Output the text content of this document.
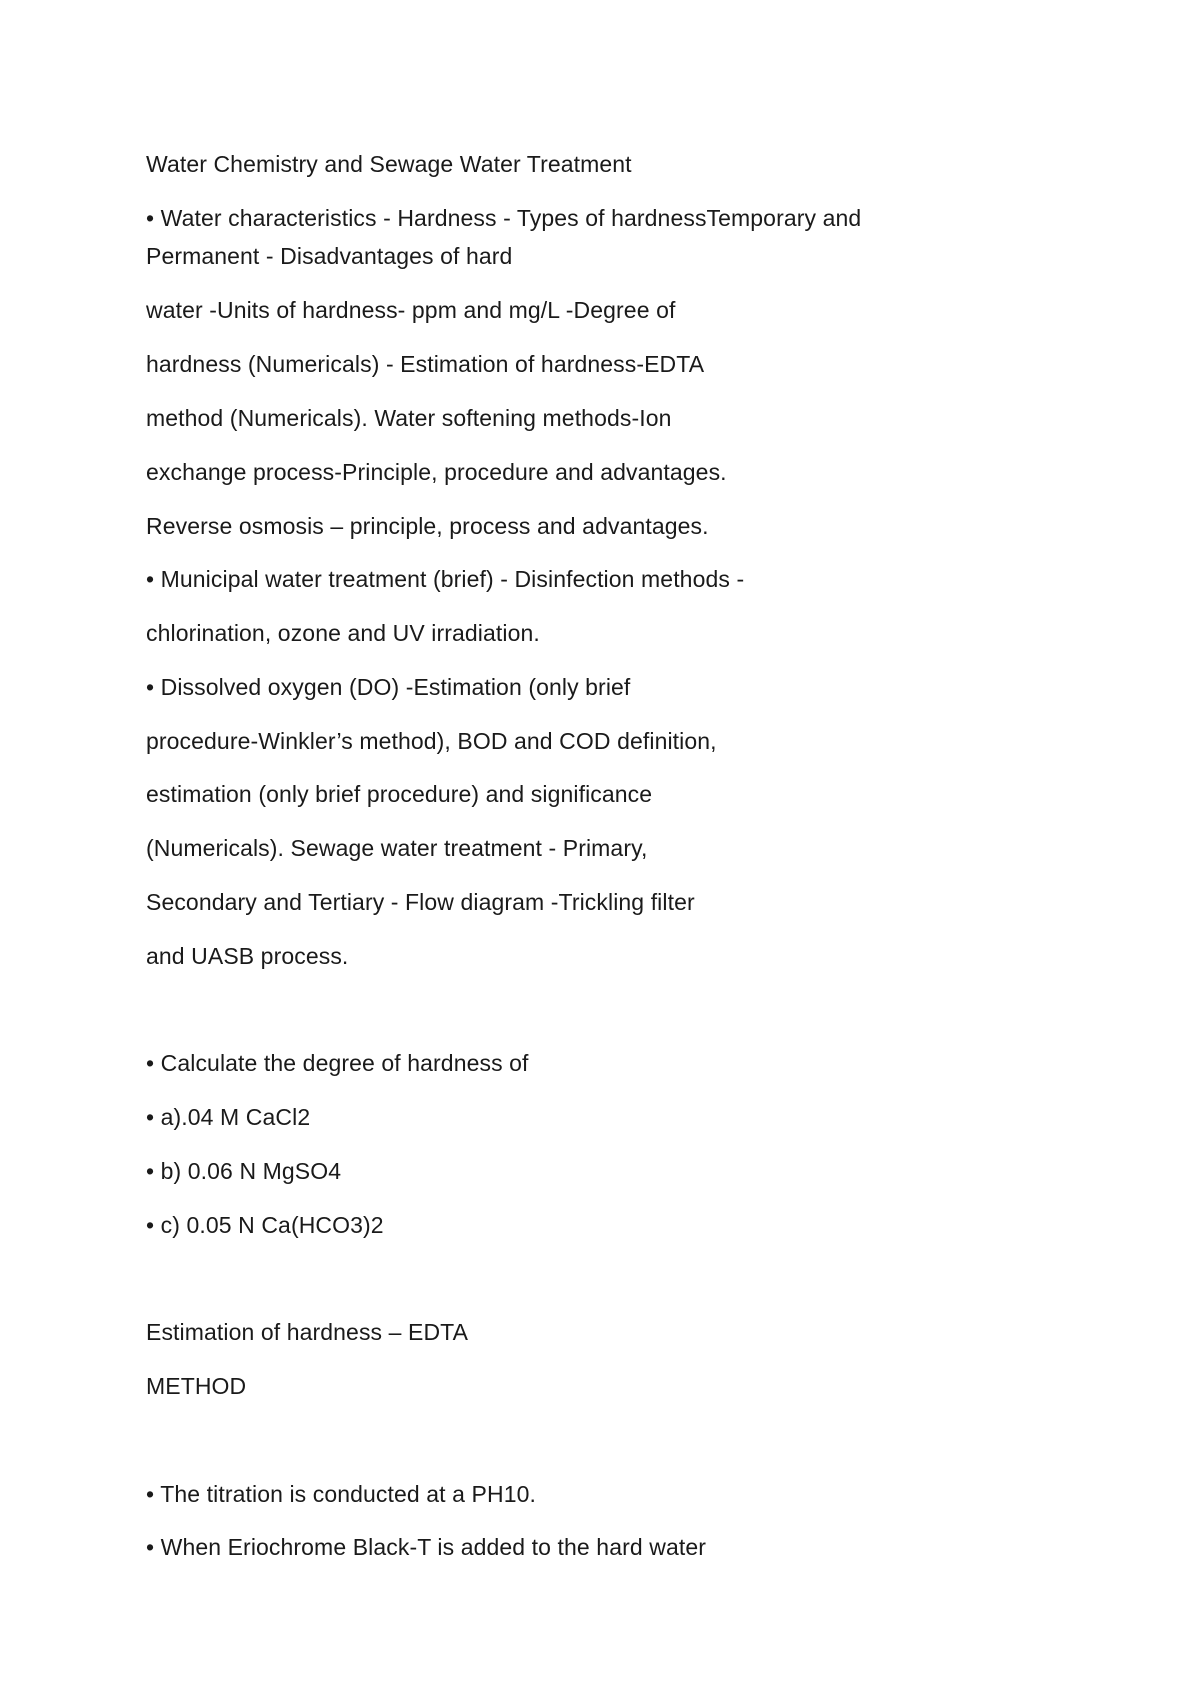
Water Chemistry and Sewage Water Treatment
• Water characteristics - Hardness - Types of hardnessTemporary and
Permanent - Disadvantages of hard
water -Units of hardness- ppm and mg/L -Degree of
hardness (Numericals) - Estimation of hardness-EDTA
method (Numericals). Water softening methods-Ion
exchange process-Principle, procedure and advantages.
Reverse osmosis – principle, process and advantages.
• Municipal water treatment (brief) - Disinfection methods -
chlorination, ozone and UV irradiation.
• Dissolved oxygen (DO) -Estimation (only brief
procedure-Winkler’s method), BOD and COD definition,
estimation (only brief procedure) and significance
(Numericals). Sewage water treatment - Primary,
Secondary and Tertiary - Flow diagram -Trickling filter
and UASB process.
• Calculate the degree of hardness of
• a).04 M CaCl2
• b) 0.06 N MgSO4
• c) 0.05 N Ca(HCO3)2
Estimation of hardness – EDTA
METHOD
• The titration is conducted at a PH10.
• When Eriochrome Black-T is added to the hard water
